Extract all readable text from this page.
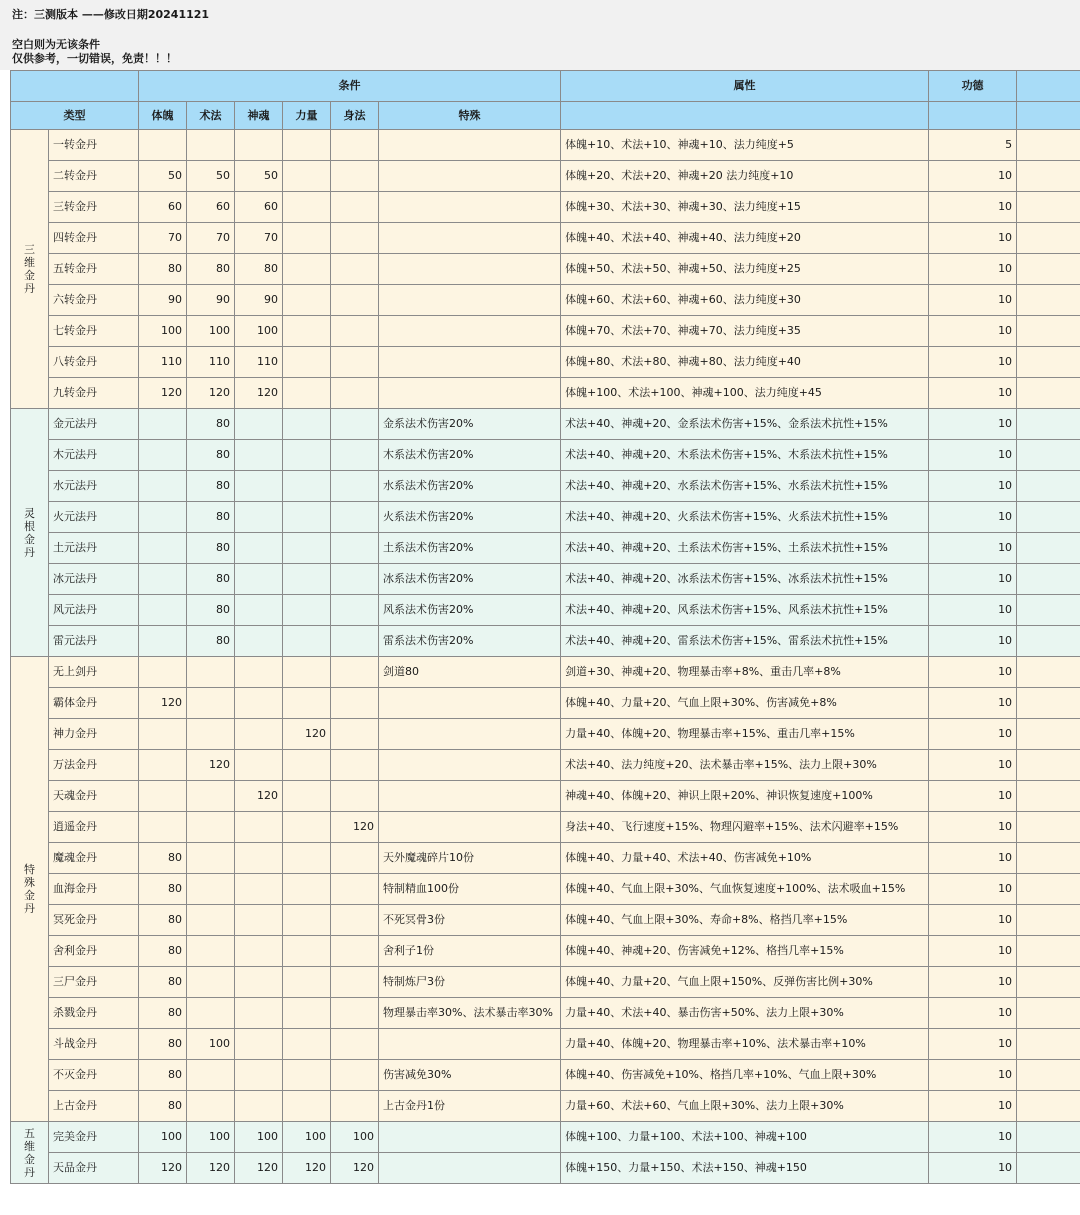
注：三测版本 ——修改日期20241121
空白则为无该条件
仅供参考，一切错误，免责！！！
		条件						属性	功德	
类型		体魄	术法	神魂	力量	身法	特殊			
三维金丹	一转金丹							体魄+10、术法+10、神魂+10、法力纯度+5	5	
	二转金丹	50	50	50				体魄+20、术法+20、神魂+20 法力纯度+10	10	
	三转金丹	60	60	60				体魄+30、术法+30、神魂+30、法力纯度+15	10	
	四转金丹	70	70	70				体魄+40、术法+40、神魂+40、法力纯度+20	10	
	五转金丹	80	80	80				体魄+50、术法+50、神魂+50、法力纯度+25	10	
	六转金丹	90	90	90				体魄+60、术法+60、神魂+60、法力纯度+30	10	
	七转金丹	100	100	100				体魄+70、术法+70、神魂+70、法力纯度+35	10	
	八转金丹	110	110	110				体魄+80、术法+80、神魂+80、法力纯度+40	10	
	九转金丹	120	120	120				体魄+100、术法+100、神魂+100、法力纯度+45	10	
灵根金丹	金元法丹		80				金系法术伤害20%	术法+40、神魂+20、金系法术伤害+15%、金系法术抗性+15%	10	
	木元法丹		80				木系法术伤害20%	术法+40、神魂+20、木系法术伤害+15%、木系法术抗性+15%	10	
	水元法丹		80				水系法术伤害20%	术法+40、神魂+20、水系法术伤害+15%、水系法术抗性+15%	10	
	火元法丹		80				火系法术伤害20%	术法+40、神魂+20、火系法术伤害+15%、火系法术抗性+15%	10	
	土元法丹		80				土系法术伤害20%	术法+40、神魂+20、土系法术伤害+15%、土系法术抗性+15%	10	
	冰元法丹		80				冰系法术伤害20%	术法+40、神魂+20、冰系法术伤害+15%、冰系法术抗性+15%	10	
	风元法丹		80				风系法术伤害20%	术法+40、神魂+20、风系法术伤害+15%、风系法术抗性+15%	10	
	雷元法丹		80				雷系法术伤害20%	术法+40、神魂+20、雷系法术伤害+15%、雷系法术抗性+15%	10	
特殊金丹	无上剑丹						剑道80	剑道+30、神魂+20、物理暴击率+8%、重击几率+8%	10	
	霸体金丹	120						体魄+40、力量+20、气血上限+30%、伤害减免+8%	10	
	神力金丹				120			力量+40、体魄+20、物理暴击率+15%、重击几率+15%	10	
	万法金丹		120					术法+40、法力纯度+20、法术暴击率+15%、法力上限+30%	10	
	天魂金丹			120				神魂+40、体魄+20、神识上限+20%、神识恢复速度+100%	10	
	逍遥金丹					120		身法+40、飞行速度+15%、物理闪避率+15%、法术闪避率+15%	10	
	魔魂金丹	80					天外魔魂碎片10份	体魄+40、力量+40、术法+40、伤害减免+10%	10	
	血海金丹	80					特制精血100份	体魄+40、气血上限+30%、气血恢复速度+100%、法术吸血+15%	10	
	冥死金丹	80					不死冥骨3份	体魄+40、气血上限+30%、寿命+8%、格挡几率+15%	10	
	舍利金丹	80					舍利子1份	体魄+40、神魂+20、伤害减免+12%、格挡几率+15%	10	
	三尸金丹	80					特制炼尸3份	体魄+40、力量+20、气血上限+150%、反弹伤害比例+30%	10	
	杀戮金丹	80					物理暴击率30%、法术暴击率30%	力量+40、术法+40、暴击伤害+50%、法力上限+30%	10	
	斗战金丹	80	100					力量+40、体魄+20、物理暴击率+10%、法术暴击率+10%	10	
	不灭金丹	80					伤害减免30%	体魄+40、伤害减免+10%、格挡几率+10%、气血上限+30%	10	
	上古金丹	80					上古金丹1份	力量+60、术法+60、气血上限+30%、法力上限+30%	10	
五维金丹	完美金丹	100	100	100	100	100		体魄+100、力量+100、术法+100、神魂+100	10	
	天品金丹	120	120	120	120	120		体魄+150、力量+150、术法+150、神魂+150	10	
